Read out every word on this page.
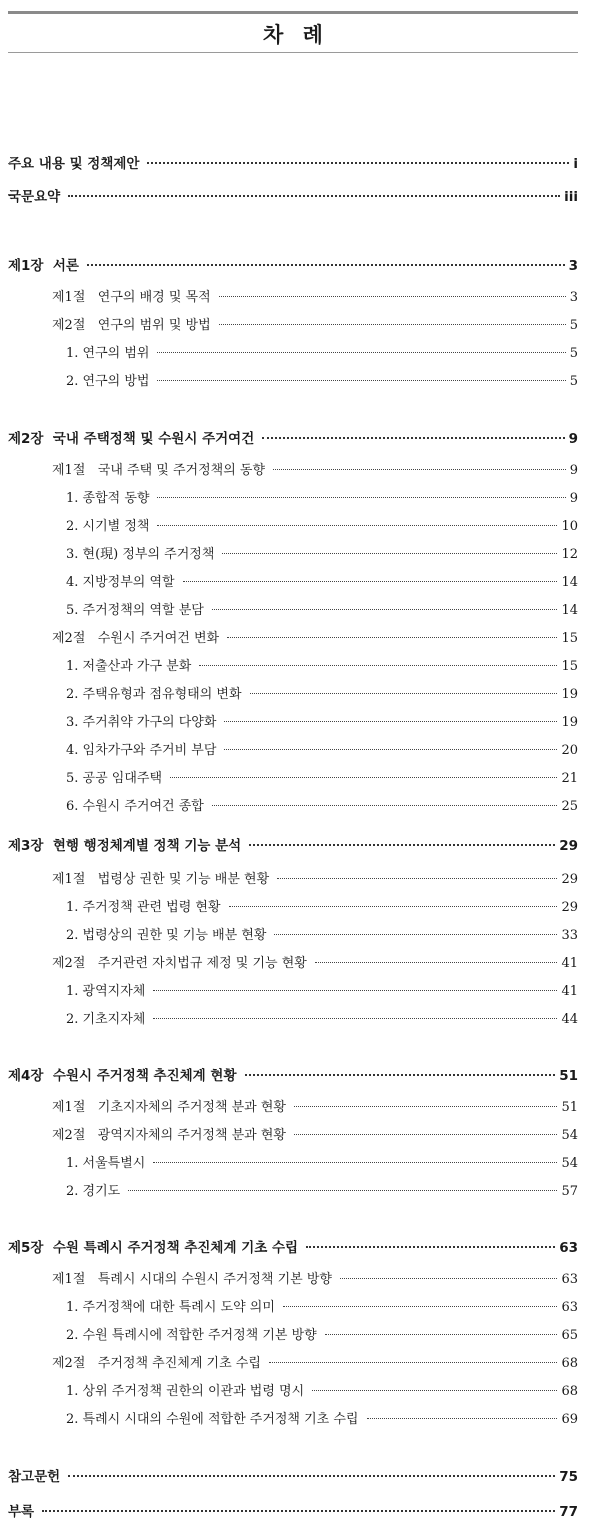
차 례
주요 내용 및 정책제안	i
국문요약	iii
제1장  서론	3
제1절   연구의 배경 및 목적	3
제2절   연구의 범위 및 방법	5
1. 연구의 범위	5
2. 연구의 방법	5
제2장  국내 주택정책 및 수원시 주거여건	9
제1절   국내 주택 및 주거정책의 동향	9
1. 종합적 동향	9
2. 시기별 정책	10
3. 현(現) 정부의 주거정책	12
4. 지방정부의 역할	14
5. 주거정책의 역할 분담	14
제2절   수원시 주거여건 변화	15
1. 저출산과 가구 분화	15
2. 주택유형과 점유형태의 변화	19
3. 주거취약 가구의 다양화	19
4. 임차가구와 주거비 부담	20
5. 공공 임대주택	21
6. 수원시 주거여건 종합	25
제3장  현행 행정체계별 정책 기능 분석	29
제1절   법령상 권한 및 기능 배분 현황	29
1. 주거정책 관련 법령 현황	29
2. 법령상의 권한 및 기능 배분 현황	33
제2절   주거관련 자치법규 제정 및 기능 현황	41
1. 광역지자체	41
2. 기초지자체	44
제4장  수원시 주거정책 추진체계 현황	51
제1절   기초지자체의 주거정책 분과 현황	51
제2절   광역지자체의 주거정책 분과 현황	54
1. 서울특별시	54
2. 경기도	57
제5장  수원 특례시 주거정책 추진체계 기초 수립	63
제1절   특례시 시대의 수원시 주거정책 기본 방향	63
1. 주거정책에 대한 특례시 도약 의미	63
2. 수원 특례시에 적합한 주거정책 기본 방향	65
제2절   주거정책 추진체계 기초 수립	68
1. 상위 주거정책 권한의 이관과 법령 명시	68
2. 특례시 시대의 수원에 적합한 주거정책 기초 수립	69
참고문헌	75
부록	77
